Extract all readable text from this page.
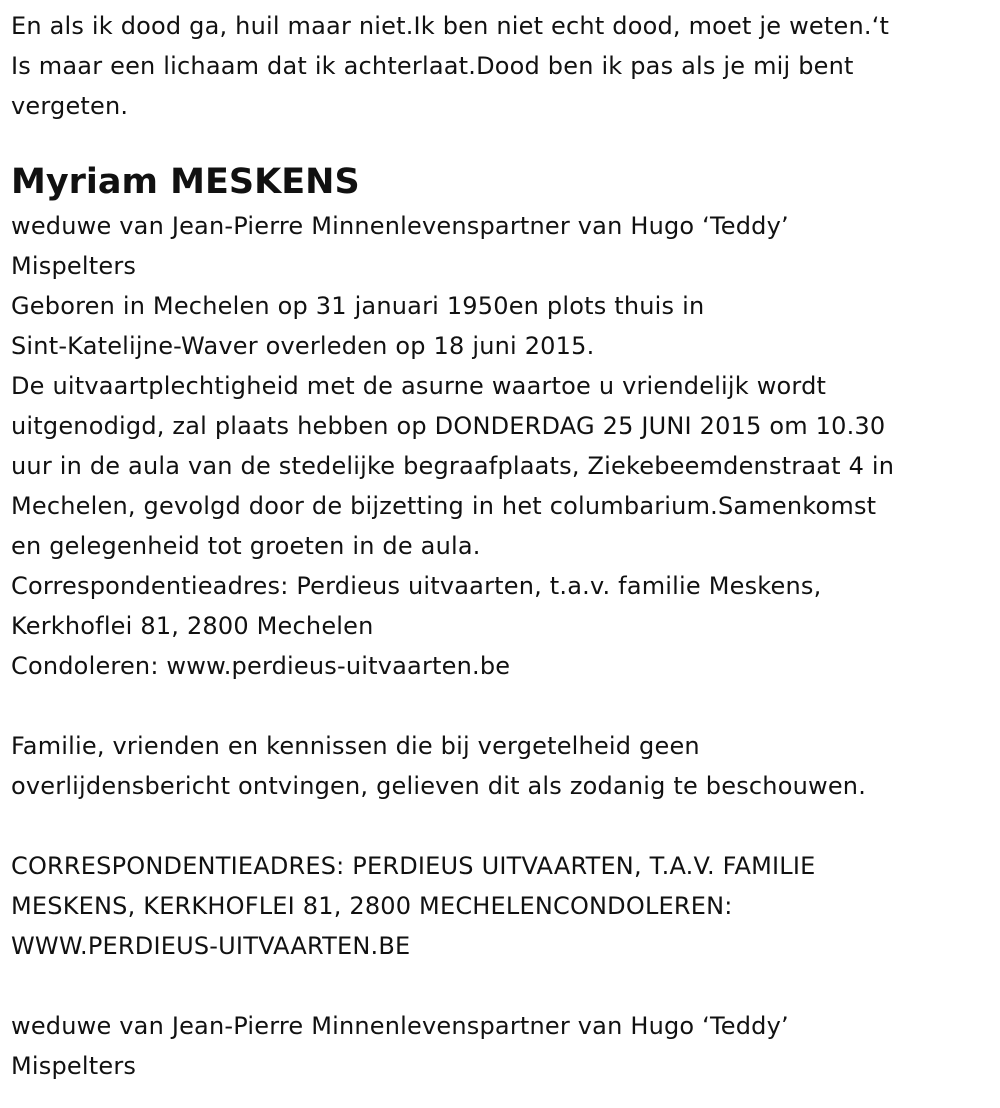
En als ik dood ga, huil maar niet.Ik ben niet echt dood, moet je weten.‘t
Is maar een lichaam dat ik achterlaat.Dood ben ik pas als je mij bent
vergeten.
Myriam MESKENS
weduwe van Jean-Pierre Minnenlevenspartner van Hugo ‘Teddy’
Mispelters
Geboren in Mechelen op 31 januari 1950en plots thuis in
Sint-Katelijne-Waver overleden op 18 juni 2015.
De uitvaartplechtigheid met de asurne waartoe u vriendelijk wordt
uitgenodigd, zal plaats hebben op DONDERDAG 25 JUNI 2015 om 10.30
uur in de aula van de stedelijke begraafplaats, Ziekebeemdenstraat 4 in
Mechelen, gevolgd door de bijzetting in het columbarium.Samenkomst
en gelegenheid tot groeten in de aula.
Correspondentieadres: Perdieus uitvaarten, t.a.v. familie Meskens,
Kerkhoflei 81, 2800 Mechelen
Condoleren: www.perdieus-uitvaarten.be
Familie, vrienden en kennissen die bij vergetelheid geen
overlijdensbericht ontvingen, gelieven dit als zodanig te beschouwen.
CORRESPONDENTIEADRES: PERDIEUS UITVAARTEN, T.A.V. FAMILIE
MESKENS, KERKHOFLEI 81, 2800 MECHELENCONDOLEREN:
WWW.PERDIEUS-UITVAARTEN.BE
weduwe van Jean-Pierre Minnenlevenspartner van Hugo ‘Teddy’
Mispelters
